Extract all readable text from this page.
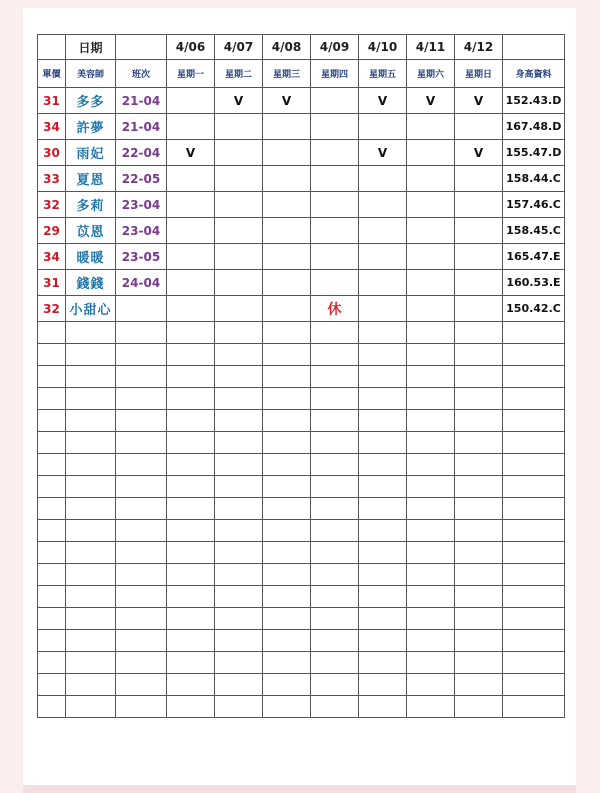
	日期		4/06	4/07	4/08	4/09	4/10	4/11	4/12	
單價	美容師	班次	星期一	星期二	星期三	星期四	星期五	星期六	星期日	身高資料
31	多多	21-04		V	V		V	V	V	152.43.D
34	許夢	21-04								167.48.D
30	雨妃	22-04	V				V		V	155.47.D
33	夏恩	22-05								158.44.C
32	多莉	23-04								157.46.C
29	苡恩	23-04								158.45.C
34	暖暖	23-05								165.47.E
31	錢錢	24-04								160.53.E
32	小甜心					休				150.42.C
